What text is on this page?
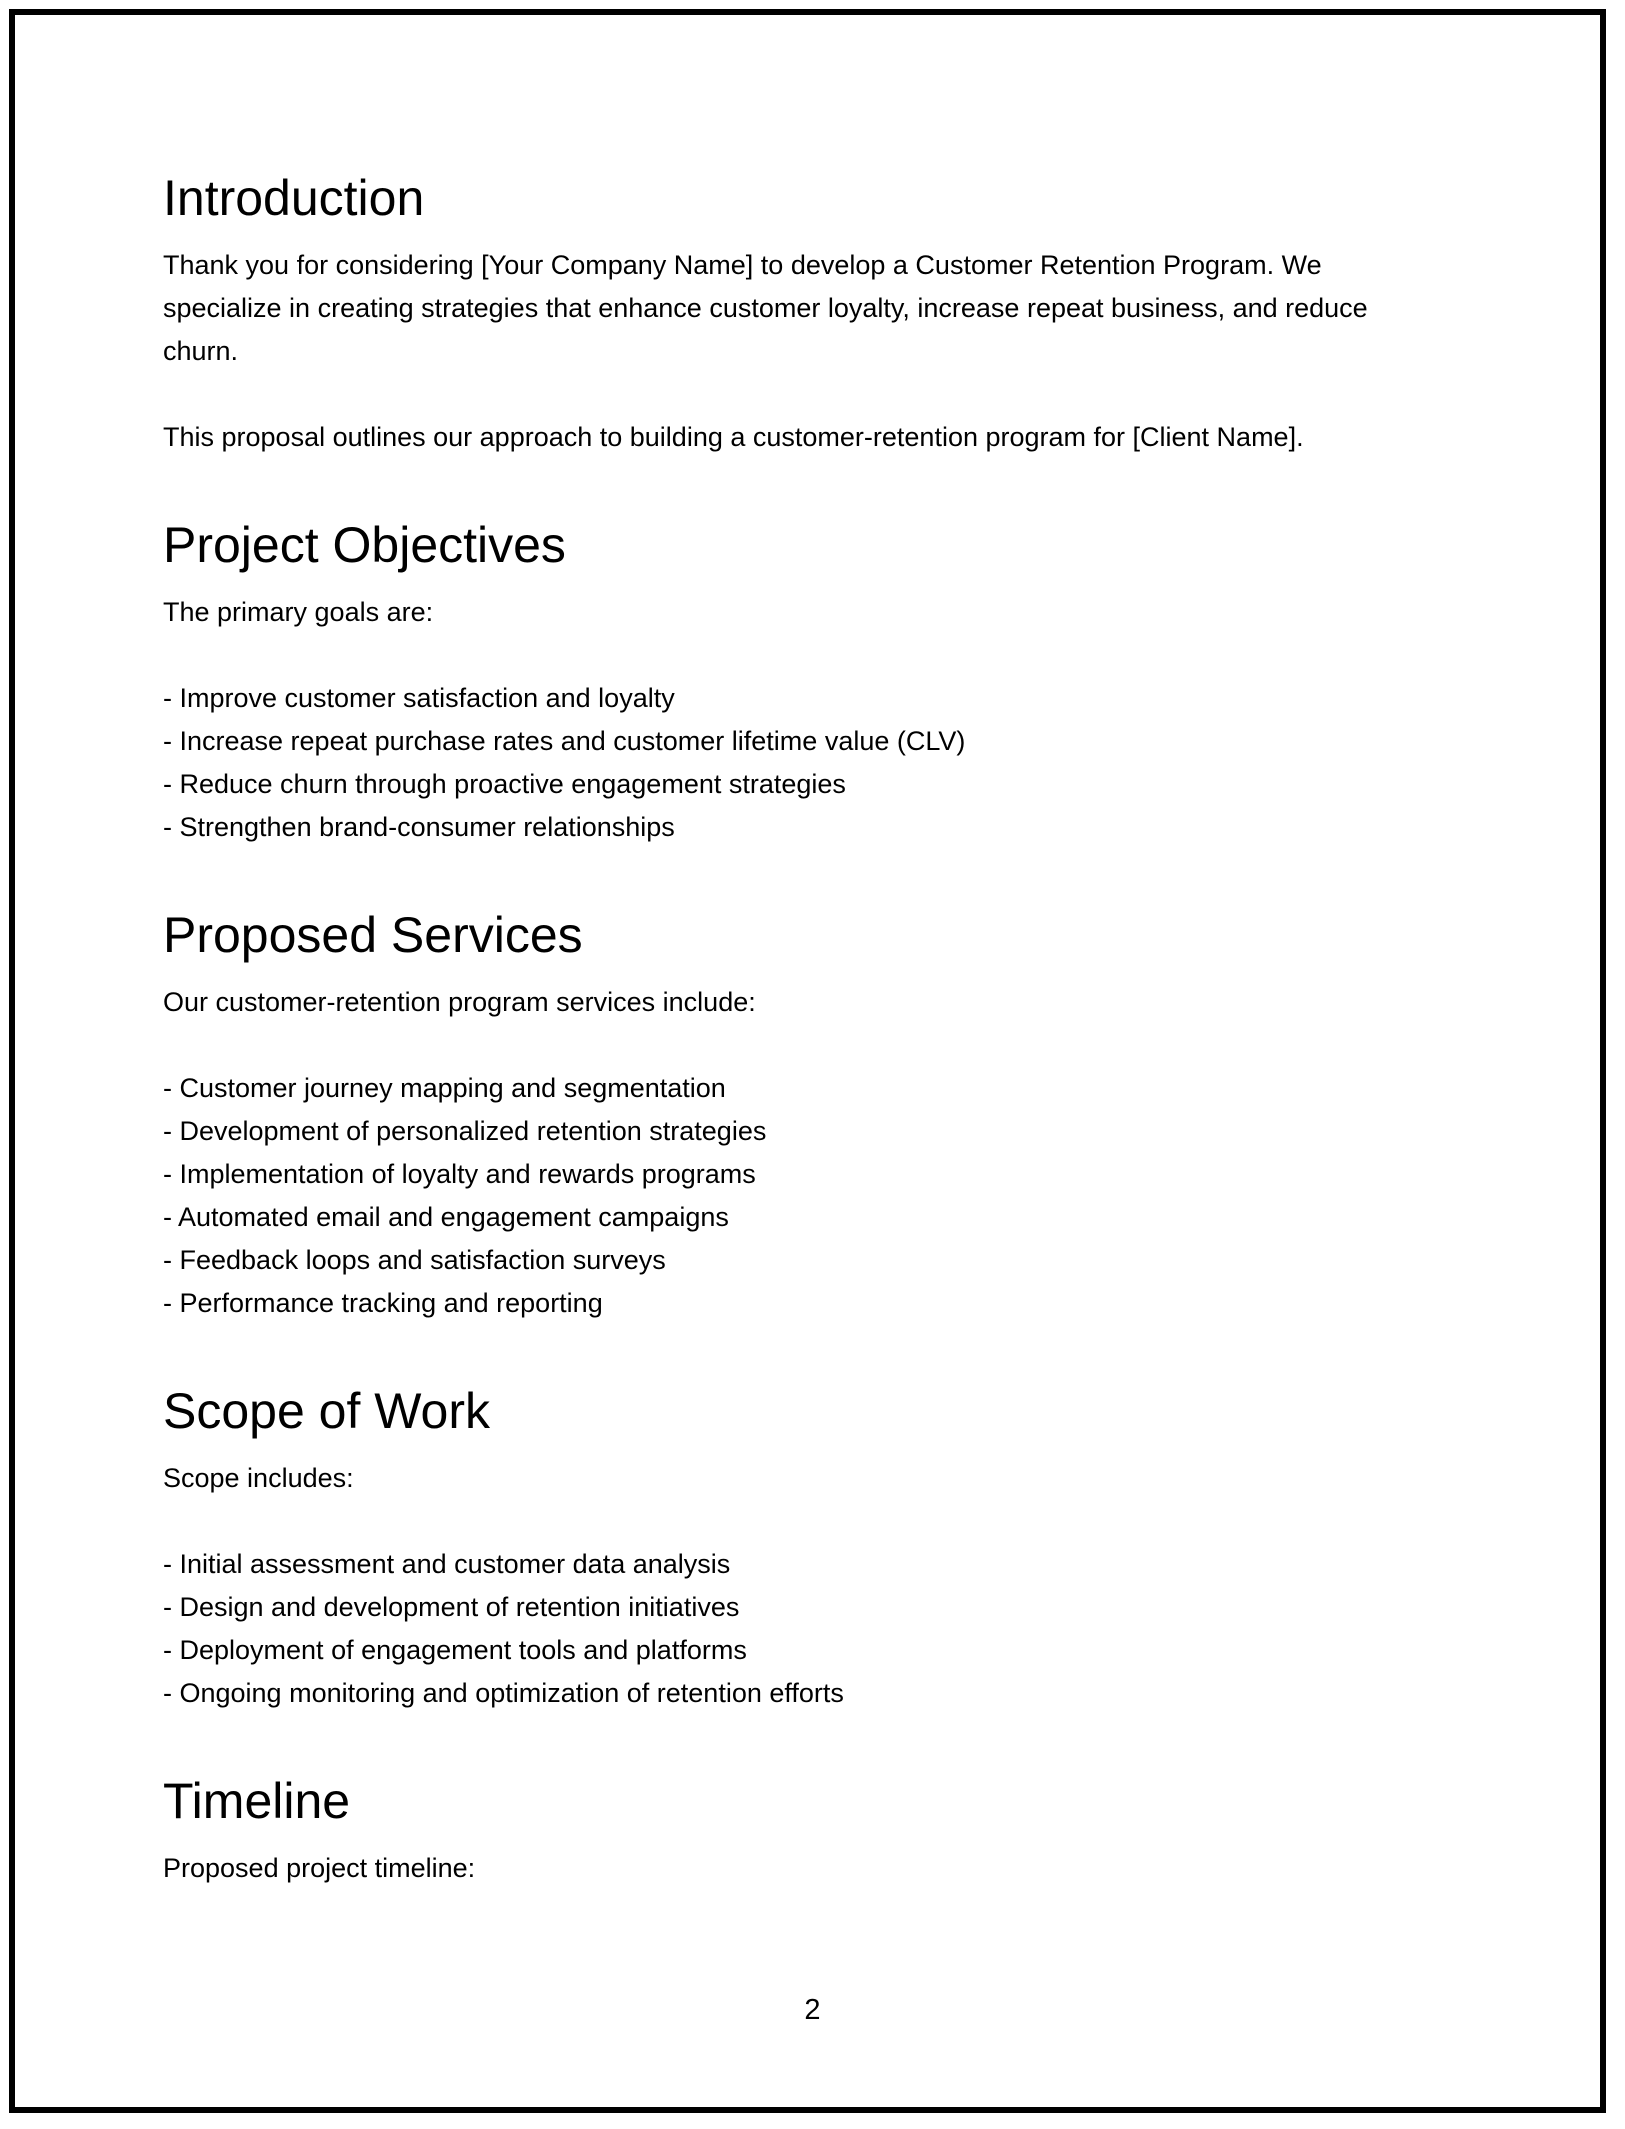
Introduction

Thank you for considering [Your Company Name] to develop a Customer Retention Program. We specialize in creating strategies that enhance customer loyalty, increase repeat business, and reduce churn.

This proposal outlines our approach to building a customer-retention program for [Client Name].

Project Objectives

The primary goals are:

- Improve customer satisfaction and loyalty
- Increase repeat purchase rates and customer lifetime value (CLV)
- Reduce churn through proactive engagement strategies
- Strengthen brand-consumer relationships
Proposed Services

Our customer-retention program services include:

- Customer journey mapping and segmentation
- Development of personalized retention strategies
- Implementation of loyalty and rewards programs
- Automated email and engagement campaigns
- Feedback loops and satisfaction surveys
- Performance tracking and reporting
Scope of Work

Scope includes:

- Initial assessment and customer data analysis
- Design and development of retention initiatives
- Deployment of engagement tools and platforms
- Ongoing monitoring and optimization of retention efforts
Timeline

Proposed project timeline:

2
